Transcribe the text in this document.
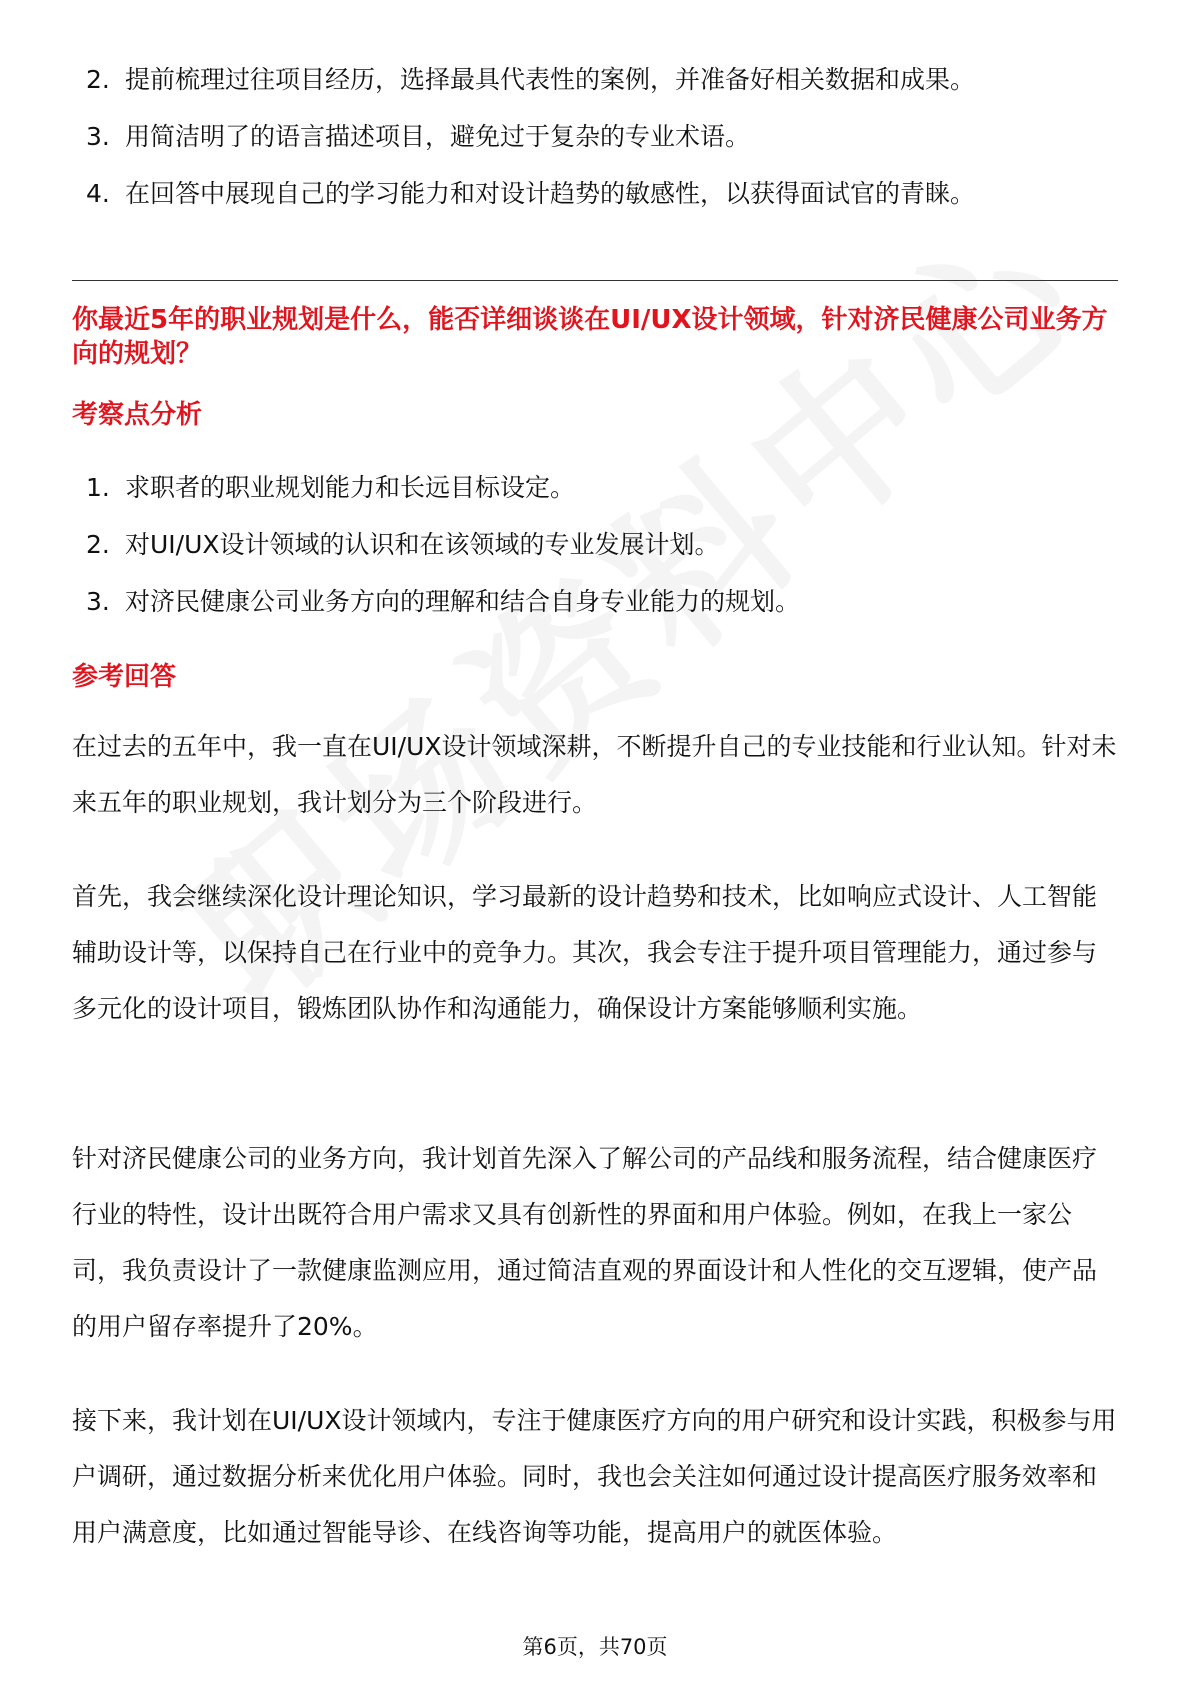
2. 提前梳理过往项目经历，选择最具代表性的案例，并准备好相关数据和成果。
3. 用简洁明了的语言描述项目，避免过于复杂的专业术语。
4. 在回答中展现自己的学习能力和对设计趋势的敏感性，以获得面试官的青睐。
你最近5年的职业规划是什么，能否详细谈谈在UI/UX设计领域，针对济民健康公司业务方向的规划？
考察点分析
1. 求职者的职业规划能力和长远目标设定。
2. 对UI/UX设计领域的认识和在该领域的专业发展计划。
3. 对济民健康公司业务方向的理解和结合自身专业能力的规划。
参考回答

在过去的五年中，我一直在UI/UX设计领域深耕，不断提升自己的专业技能和行业认知。针对未来五年的职业规划，我计划分为三个阶段进行。

首先，我会继续深化设计理论知识，学习最新的设计趋势和技术，比如响应式设计、人工智能辅助设计等，以保持自己在行业中的竞争力。其次，我会专注于提升项目管理能力，通过参与多元化的设计项目，锻炼团队协作和沟通能力，确保设计方案能够顺利实施。

针对济民健康公司的业务方向，我计划首先深入了解公司的产品线和服务流程，结合健康医疗行业的特性，设计出既符合用户需求又具有创新性的界面和用户体验。例如，在我上一家公司，我负责设计了一款健康监测应用，通过简洁直观的界面设计和人性化的交互逻辑，使产品的用户留存率提升了20%。

接下来，我计划在UI/UX设计领域内，专注于健康医疗方向的用户研究和设计实践，积极参与用户调研，通过数据分析来优化用户体验。同时，我也会关注如何通过设计提高医疗服务效率和用户满意度，比如通过智能导诊、在线咨询等功能，提高用户的就医体验。

第6页，共70页
